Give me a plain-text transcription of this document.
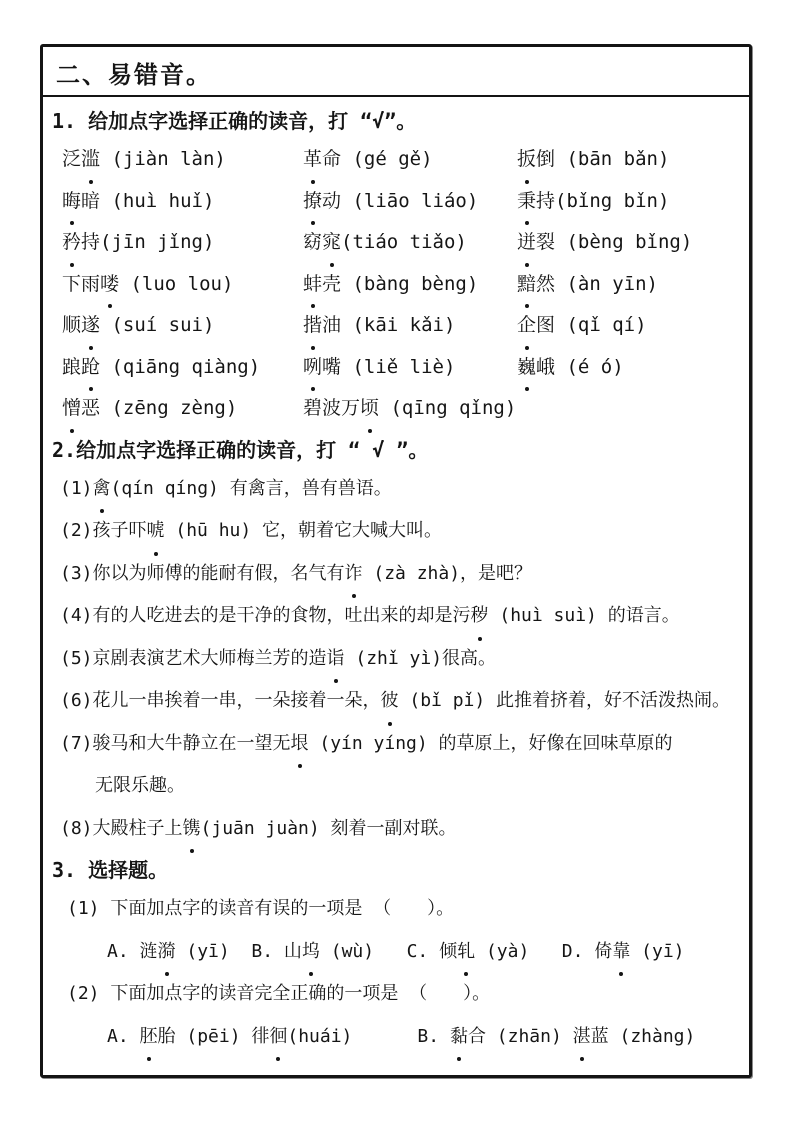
二、易错音。
1. 给加点字选择正确的读音，打 “√”。
泛滥 (jiàn làn)	革命 (gé gě)	扳倒 (bān bǎn)
晦暗 (huì huǐ)	撩动 (liāo liáo)	秉持(bǐng bǐn)
矜持(jīn jǐng)	窈窕(tiáo tiǎo)	迸裂 (bèng bǐng)
下雨喽 (luo lou)	蚌壳 (bàng bèng)	黯然 (àn yīn)
顺遂 (suí sui)	揩油 (kāi kǎi)	企图 (qǐ qí)
踉跄 (qiāng qiàng)	咧嘴 (liě liè)	巍峨 (é ó)
憎恶 (zēng zèng)	碧波万顷 (qīng qǐng)
2.给加点字选择正确的读音，打 “ √ ”。
(1)禽(qín qíng) 有禽言，兽有兽语。
(2)孩子吓唬 (hū hu) 它，朝着它大喊大叫。
(3)你以为师傅的能耐有假，名气有诈 (zà zhà)，是吧？
(4)有的人吃进去的是干净的食物，吐出来的却是污秽 (huì suì) 的语言。
(5)京剧表演艺术大师梅兰芳的造诣 (zhǐ yì)很高。
(6)花儿一串挨着一串，一朵接着一朵，彼 (bǐ pǐ) 此推着挤着，好不活泼热闹。
(7)骏马和大牛静立在一望无垠 (yín yíng) 的草原上，好像在回味草原的
无限乐趣。
(8)大殿柱子上镌(juān juàn) 刻着一副对联。
3. 选择题。
(1) 下面加点字的读音有误的一项是 （　　）。
A. 涟漪 (yī)  B. 山坞 (wù)   C. 倾轧 (yà)   D. 倚靠 (yī)
(2) 下面加点字的读音完全正确的一项是 （　　）。
A. 胚胎 (pēi) 徘徊(huái)      B. 黏合 (zhān) 湛蓝 (zhàng)
